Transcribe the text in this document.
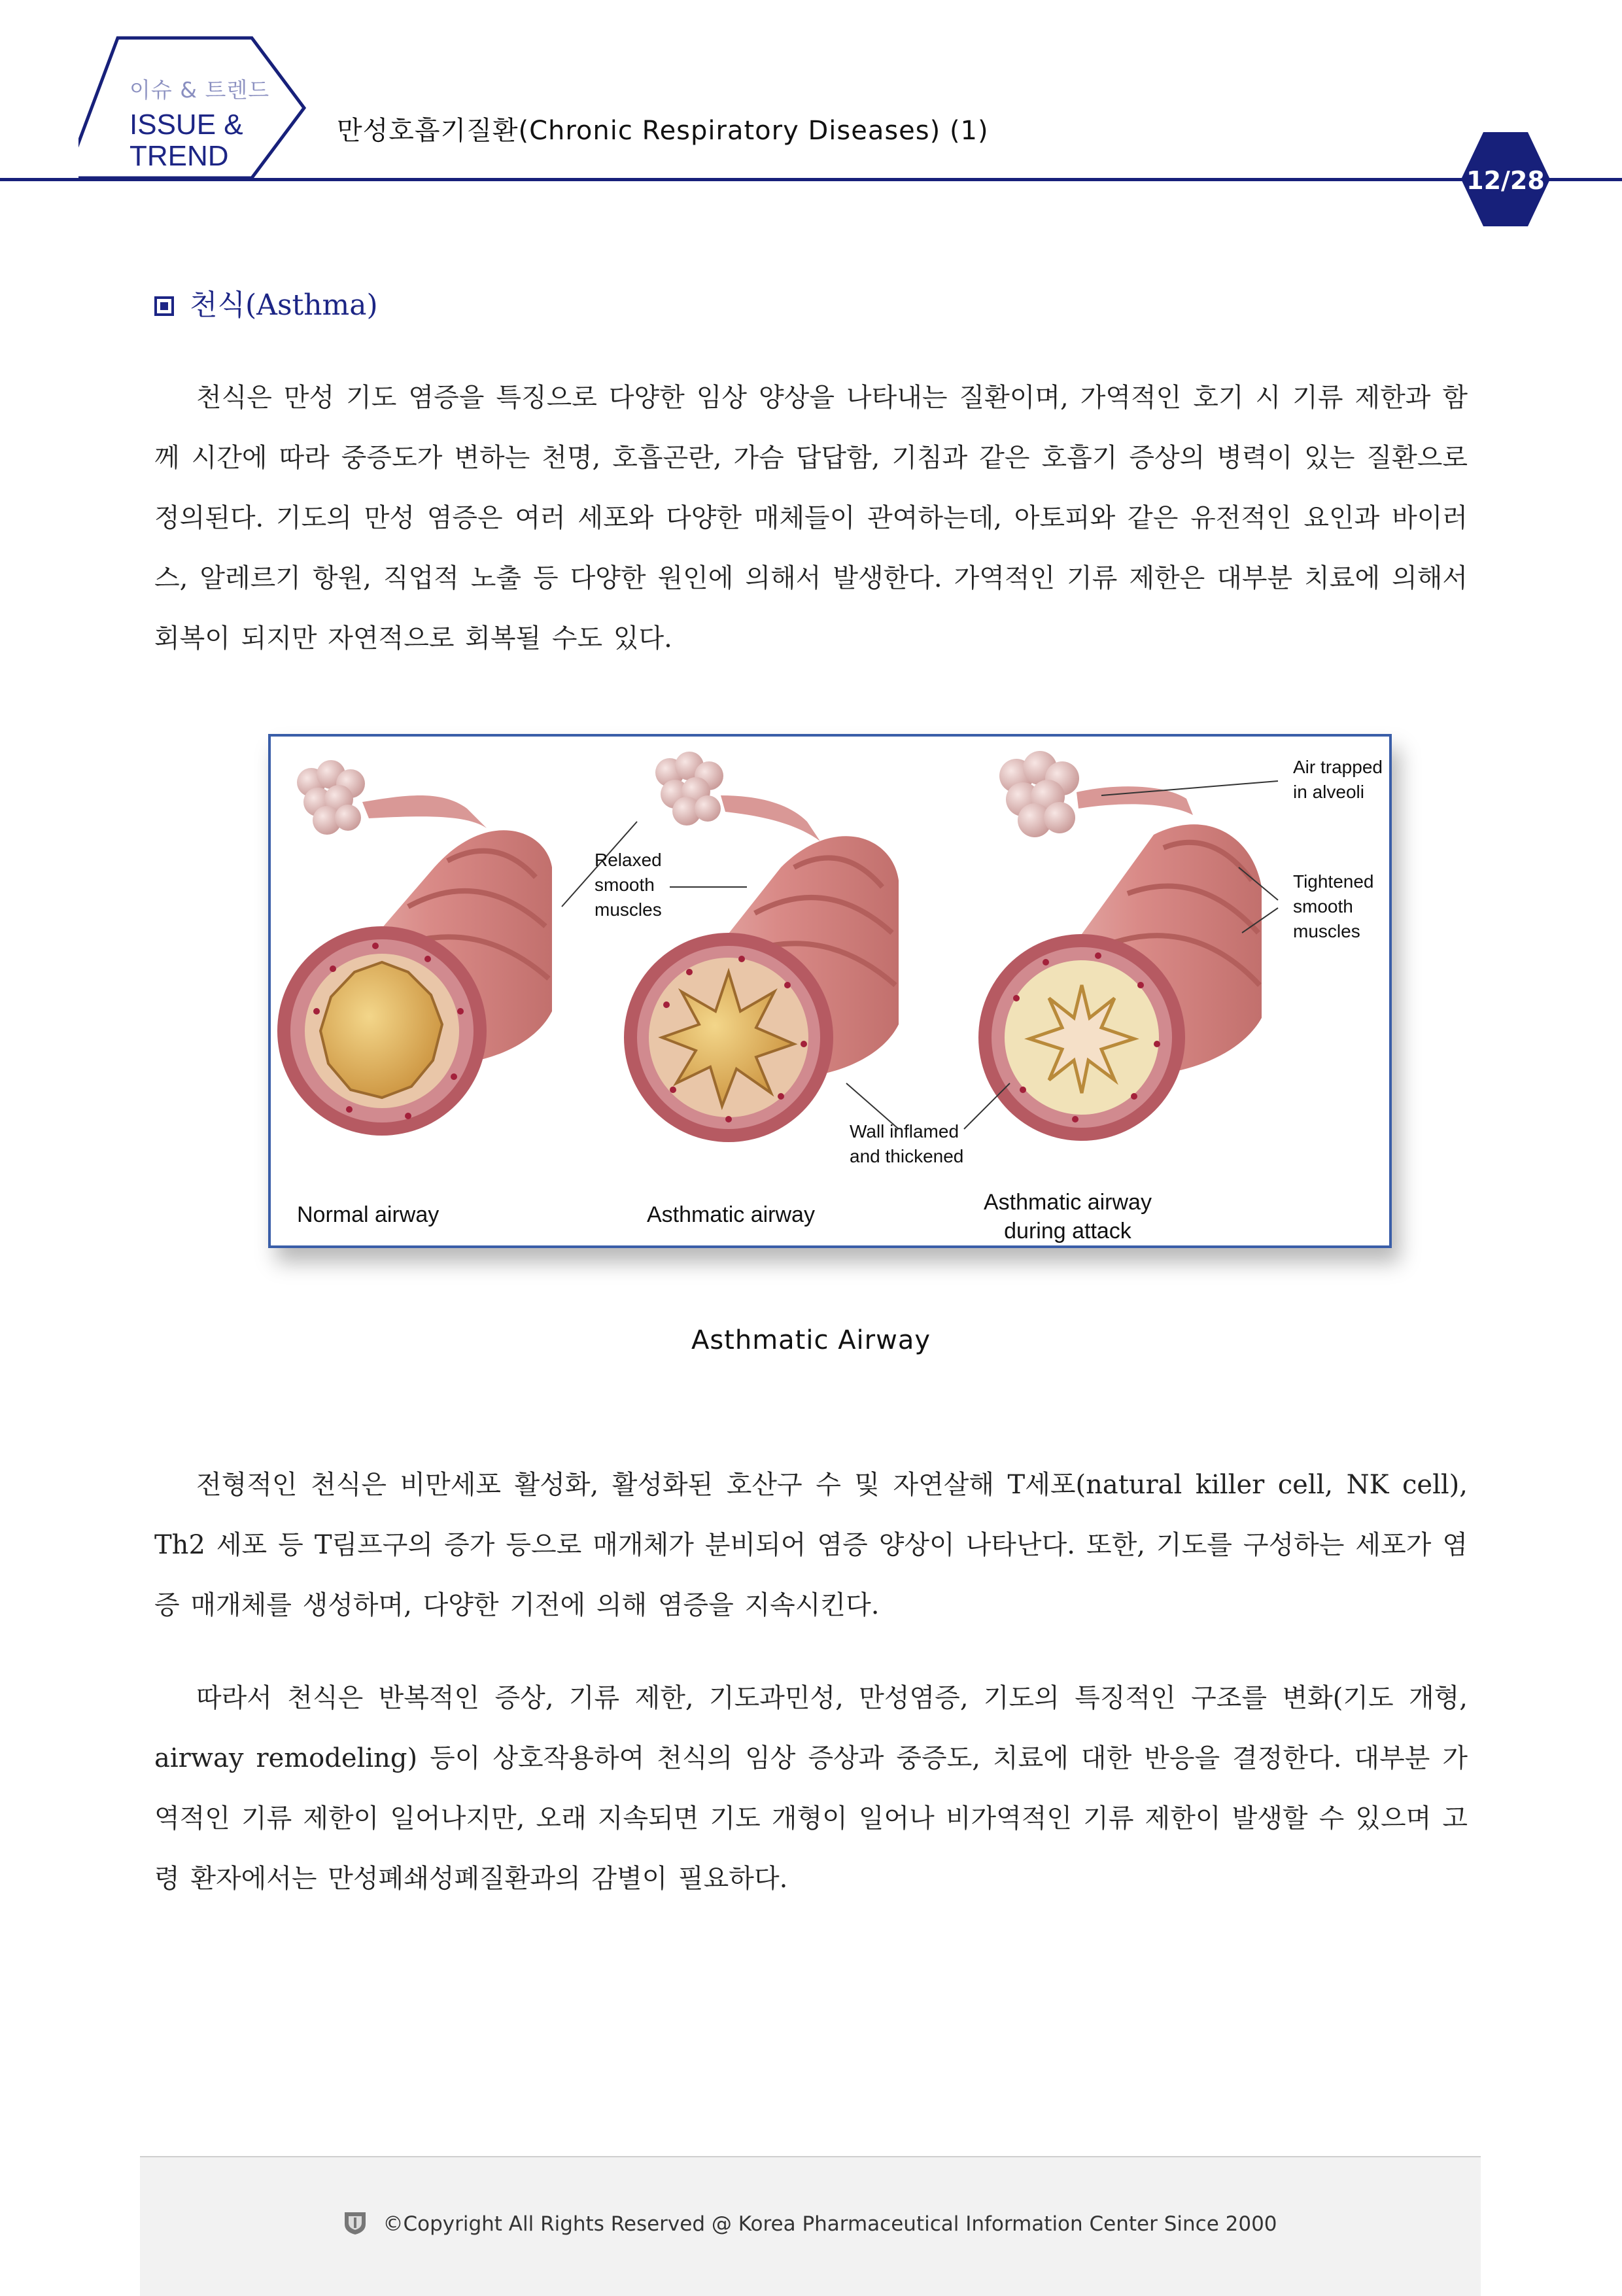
이슈 & 트렌드
ISSUE &
TREND
만성호흡기질환(Chronic Respiratory Diseases) (1)
12/28
천식(Asthma)

천식은 만성 기도 염증을 특징으로 다양한 임상 양상을 나타내는 질환이며, 가역적인 호기 시 기류 제한과 함께 시간에 따라 중증도가 변하는 천명, 호흡곤란, 가슴 답답함, 기침과 같은 호흡기 증상의 병력이 있는 질환으로 정의된다. 기도의 만성 염증은 여러 세포와 다양한 매체들이 관여하는데, 아토피와 같은 유전적인 요인과 바이러스, 알레르기 항원, 직업적 노출 등 다양한 원인에 의해서 발생한다. 가역적인 기류 제한은 대부분 치료에 의해서 회복이 되지만 자연적으로 회복될 수도 있다.

Relaxed
smooth
muscles
Wall inflamed
and thickened
Air trapped
in alveoli
Tightened
smooth
muscles
Normal airway	Asthmatic airway	Asthmatic airway
during attack
Asthmatic Airway

전형적인 천식은 비만세포 활성화, 활성화된 호산구 수 및 자연살해 T세포(natural killer cell, NK cell), Th2 세포 등 T림프구의 증가 등으로 매개체가 분비되어 염증 양상이 나타난다. 또한, 기도를 구성하는 세포가 염증 매개체를 생성하며, 다양한 기전에 의해 염증을 지속시킨다.

따라서 천식은 반복적인 증상, 기류 제한, 기도과민성, 만성염증, 기도의 특징적인 구조를 변화(기도 개형, airway remodeling) 등이 상호작용하여 천식의 임상 증상과 중증도, 치료에 대한 반응을 결정한다. 대부분 가역적인 기류 제한이 일어나지만, 오래 지속되면 기도 개형이 일어나 비가역적인 기류 제한이 발생할 수 있으며 고령 환자에서는 만성폐쇄성폐질환과의 감별이 필요하다.

©Copyright All Rights Reserved @ Korea Pharmaceutical Information Center Since 2000
